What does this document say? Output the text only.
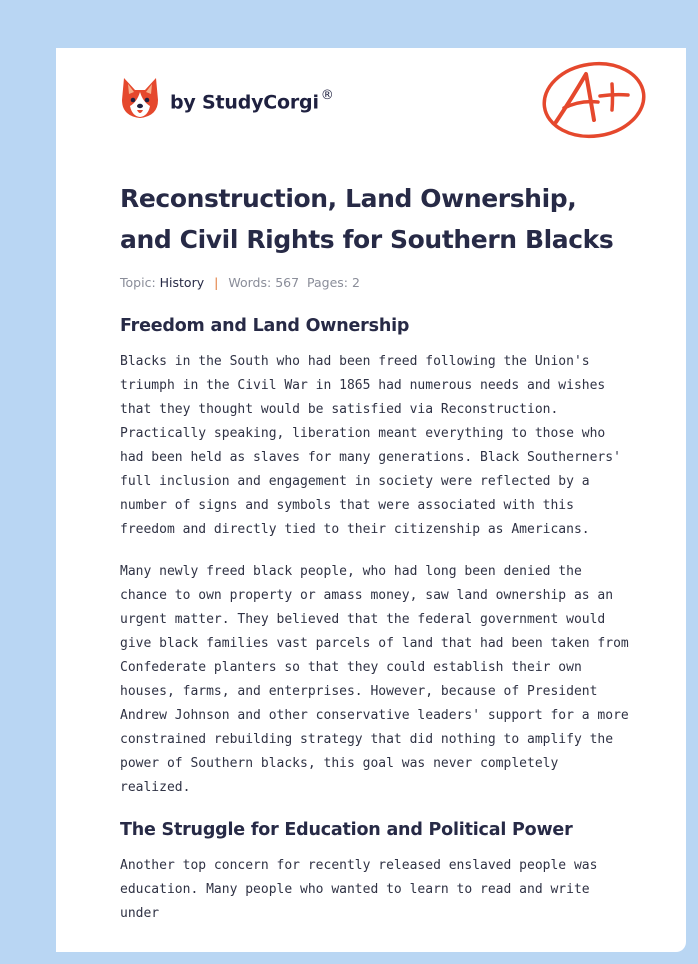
by StudyCorgi ®
Reconstruction, Land Ownership, and Civil Rights for Southern Blacks
Topic: History | Words: 567 Pages: 2
Freedom and Land Ownership

Blacks in the South who had been freed following the Union's triumph in the Civil War in 1865 had numerous needs and wishes that they thought would be satisfied via Reconstruction. Practically speaking, liberation meant everything to those who had been held as slaves for many generations. Black Southerners' full inclusion and engagement in society were reflected by a number of signs and symbols that were associated with this freedom and directly tied to their citizenship as Americans.

Many newly freed black people, who had long been denied the chance to own property or amass money, saw land ownership as an urgent matter. They believed that the federal government would give black families vast parcels of land that had been taken from Confederate planters so that they could establish their own houses, farms, and enterprises. However, because of President Andrew Johnson and other conservative leaders' support for a more constrained rebuilding strategy that did nothing to amplify the power of Southern blacks, this goal was never completely realized.

The Struggle for Education and Political Power

Another top concern for recently released enslaved people was education. Many people who wanted to learn to read and write under
